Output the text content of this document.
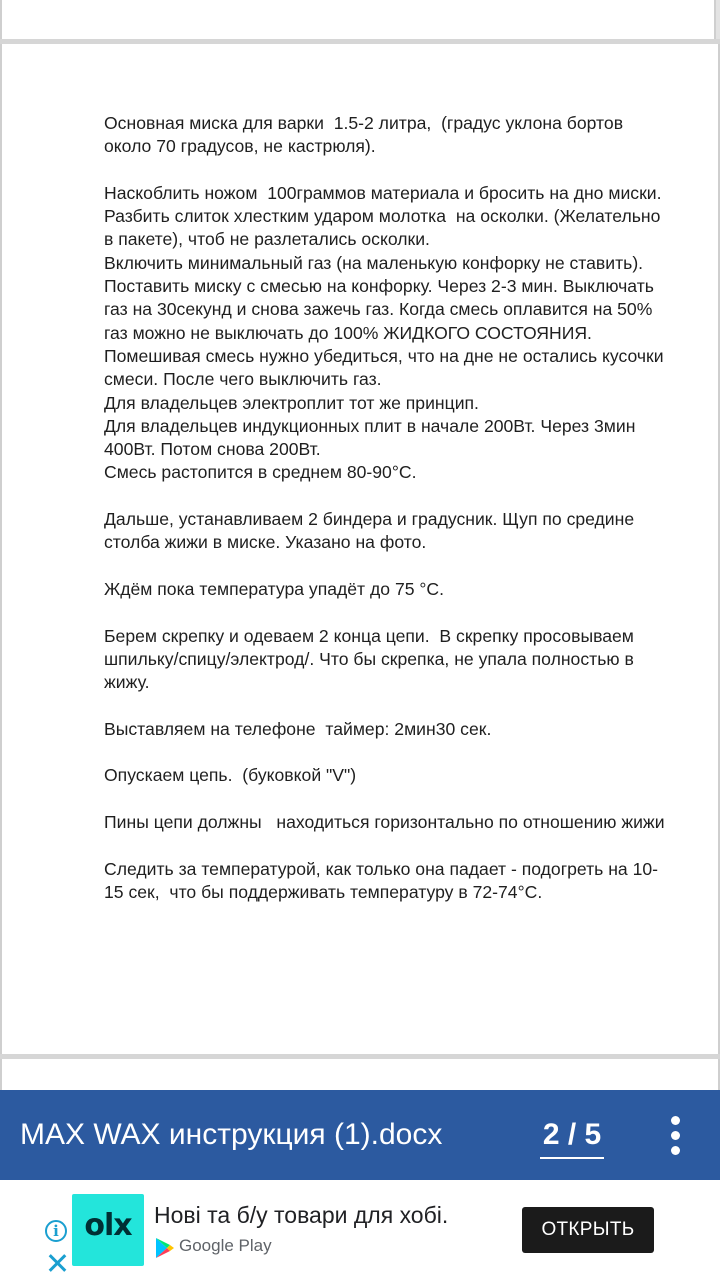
Основная миска для варки  1.5-2 литра,  (градус уклона бортов около 70 градусов, не кастрюля).

Наскоблить ножом  100граммов материала и бросить на дно миски.
Разбить слиток хлестким ударом молотка  на осколки. (Желательно в пакете), чтоб не разлетались осколки.
Включить минимальный газ (на маленькую конфорку не ставить). Поставить миску с смесью на конфорку. Через 2-3 мин. Выключать газ на 30секунд и снова зажечь газ. Когда смесь оплавится на 50% газ можно не выключать до 100% ЖИДКОГО СОСТОЯНИЯ. Помешивая смесь нужно убедиться, что на дне не остались кусочки смеси. После чего выключить газ.
Для владельцев электроплит тот же принцип.
Для владельцев индукционных плит в начале 200Вт. Через 3мин 400Вт. Потом снова 200Вт.
Смесь растопится в среднем 80-90°С.

Дальше, устанавливаем 2 биндера и градусник. Щуп по средине столба жижи в миске. Указано на фото.

Ждём пока температура упадёт до 75 °С.

Берем скрепку и одеваем 2 конца цепи.  В скрепку просовываем  шпильку/спицу/электрод/. Что бы скрепка, не упала полностью в жижу.

Выставляем на телефоне  таймер: 2мин30 сек.

Опускаем цепь.  (буковкой "V")

Пины цепи должны   находиться горизонтально по отношению жижи

Следить за температурой, как только она падает - подогреть на 10-15 сек,  что бы поддерживать температуру в 72-74°С.

MAX WAX инструкция (1).docx	2 / 5
i olx Нові та б/у товари для хобі.
Google Play
ОТКРЫТЬ
